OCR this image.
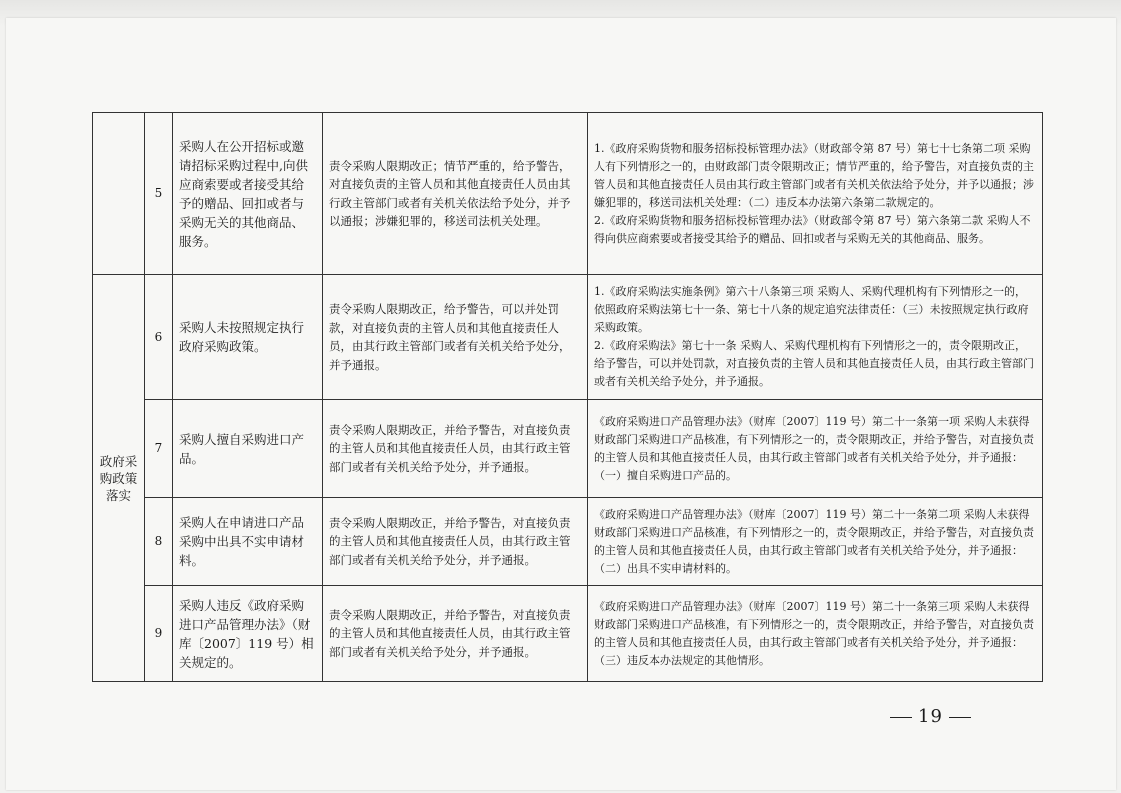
	5	采购人在公开招标或邀请招标采购过程中,向供应商索要或者接受其给予的赠品、回扣或者与采购无关的其他商品、服务。	责令采购人限期改正；情节严重的，给予警告，对直接负责的主管人员和其他直接责任人员由其行政主管部门或者有关机关依法给予处分，并予以通报；涉嫌犯罪的，移送司法机关处理。	1.《政府采购货物和服务招标投标管理办法》（财政部令第 87 号）第七十七条第二项 采购人有下列情形之一的，由财政部门责令限期改正；情节严重的，给予警告，对直接负责的主管人员和其他直接责任人员由其行政主管部门或者有关机关依法给予处分，并予以通报；涉嫌犯罪的，移送司法机关处理：（二）违反本办法第六条第二款规定的。
2.《政府采购货物和服务招标投标管理办法》（财政部令第 87 号）第六条第二款 采购人不得向供应商索要或者接受其给予的赠品、回扣或者与采购无关的其他商品、服务。

政府采购政策落实	6	采购人未按照规定执行政府采购政策。	责令采购人限期改正，给予警告，可以并处罚款，对直接负责的主管人员和其他直接责任人员，由其行政主管部门或者有关机关给予处分，并予通报。	1.《政府采购法实施条例》第六十八条第三项 采购人、采购代理机构有下列情形之一的，依照政府采购法第七十一条、第七十八条的规定追究法律责任：（三）未按照规定执行政府采购政策。
2.《政府采购法》第七十一条 采购人、采购代理机构有下列情形之一的，责令限期改正，给予警告，可以并处罚款，对直接负责的主管人员和其他直接责任人员，由其行政主管部门或者有关机关给予处分，并予通报。

	7	采购人擅自采购进口产品。	责令采购人限期改正，并给予警告，对直接负责的主管人员和其他直接责任人员，由其行政主管部门或者有关机关给予处分，并予通报。	《政府采购进口产品管理办法》（财库〔2007〕119 号）第二十一条第一项 采购人未获得财政部门采购进口产品核准，有下列情形之一的，责令限期改正，并给予警告，对直接负责的主管人员和其他直接责任人员，由其行政主管部门或者有关机关给予处分，并予通报：（一）擅自采购进口产品的。

	8	采购人在申请进口产品采购中出具不实申请材料。	责令采购人限期改正，并给予警告，对直接负责的主管人员和其他直接责任人员，由其行政主管部门或者有关机关给予处分，并予通报。	《政府采购进口产品管理办法》（财库〔2007〕119 号）第二十一条第二项 采购人未获得财政部门采购进口产品核准，有下列情形之一的，责令限期改正，并给予警告，对直接负责的主管人员和其他直接责任人员，由其行政主管部门或者有关机关给予处分，并予通报：（二）出具不实申请材料的。

	9	采购人违反《政府采购进口产品管理办法》（财库〔2007〕119 号）相关规定的。	责令采购人限期改正，并给予警告，对直接负责的主管人员和其他直接责任人员，由其行政主管部门或者有关机关给予处分，并予通报。	《政府采购进口产品管理办法》（财库〔2007〕119 号）第二十一条第三项 采购人未获得财政部门采购进口产品核准，有下列情形之一的，责令限期改正，并给予警告，对直接负责的主管人员和其他直接责任人员，由其行政主管部门或者有关机关给予处分，并予通报：（三）违反本办法规定的其他情形。
19
